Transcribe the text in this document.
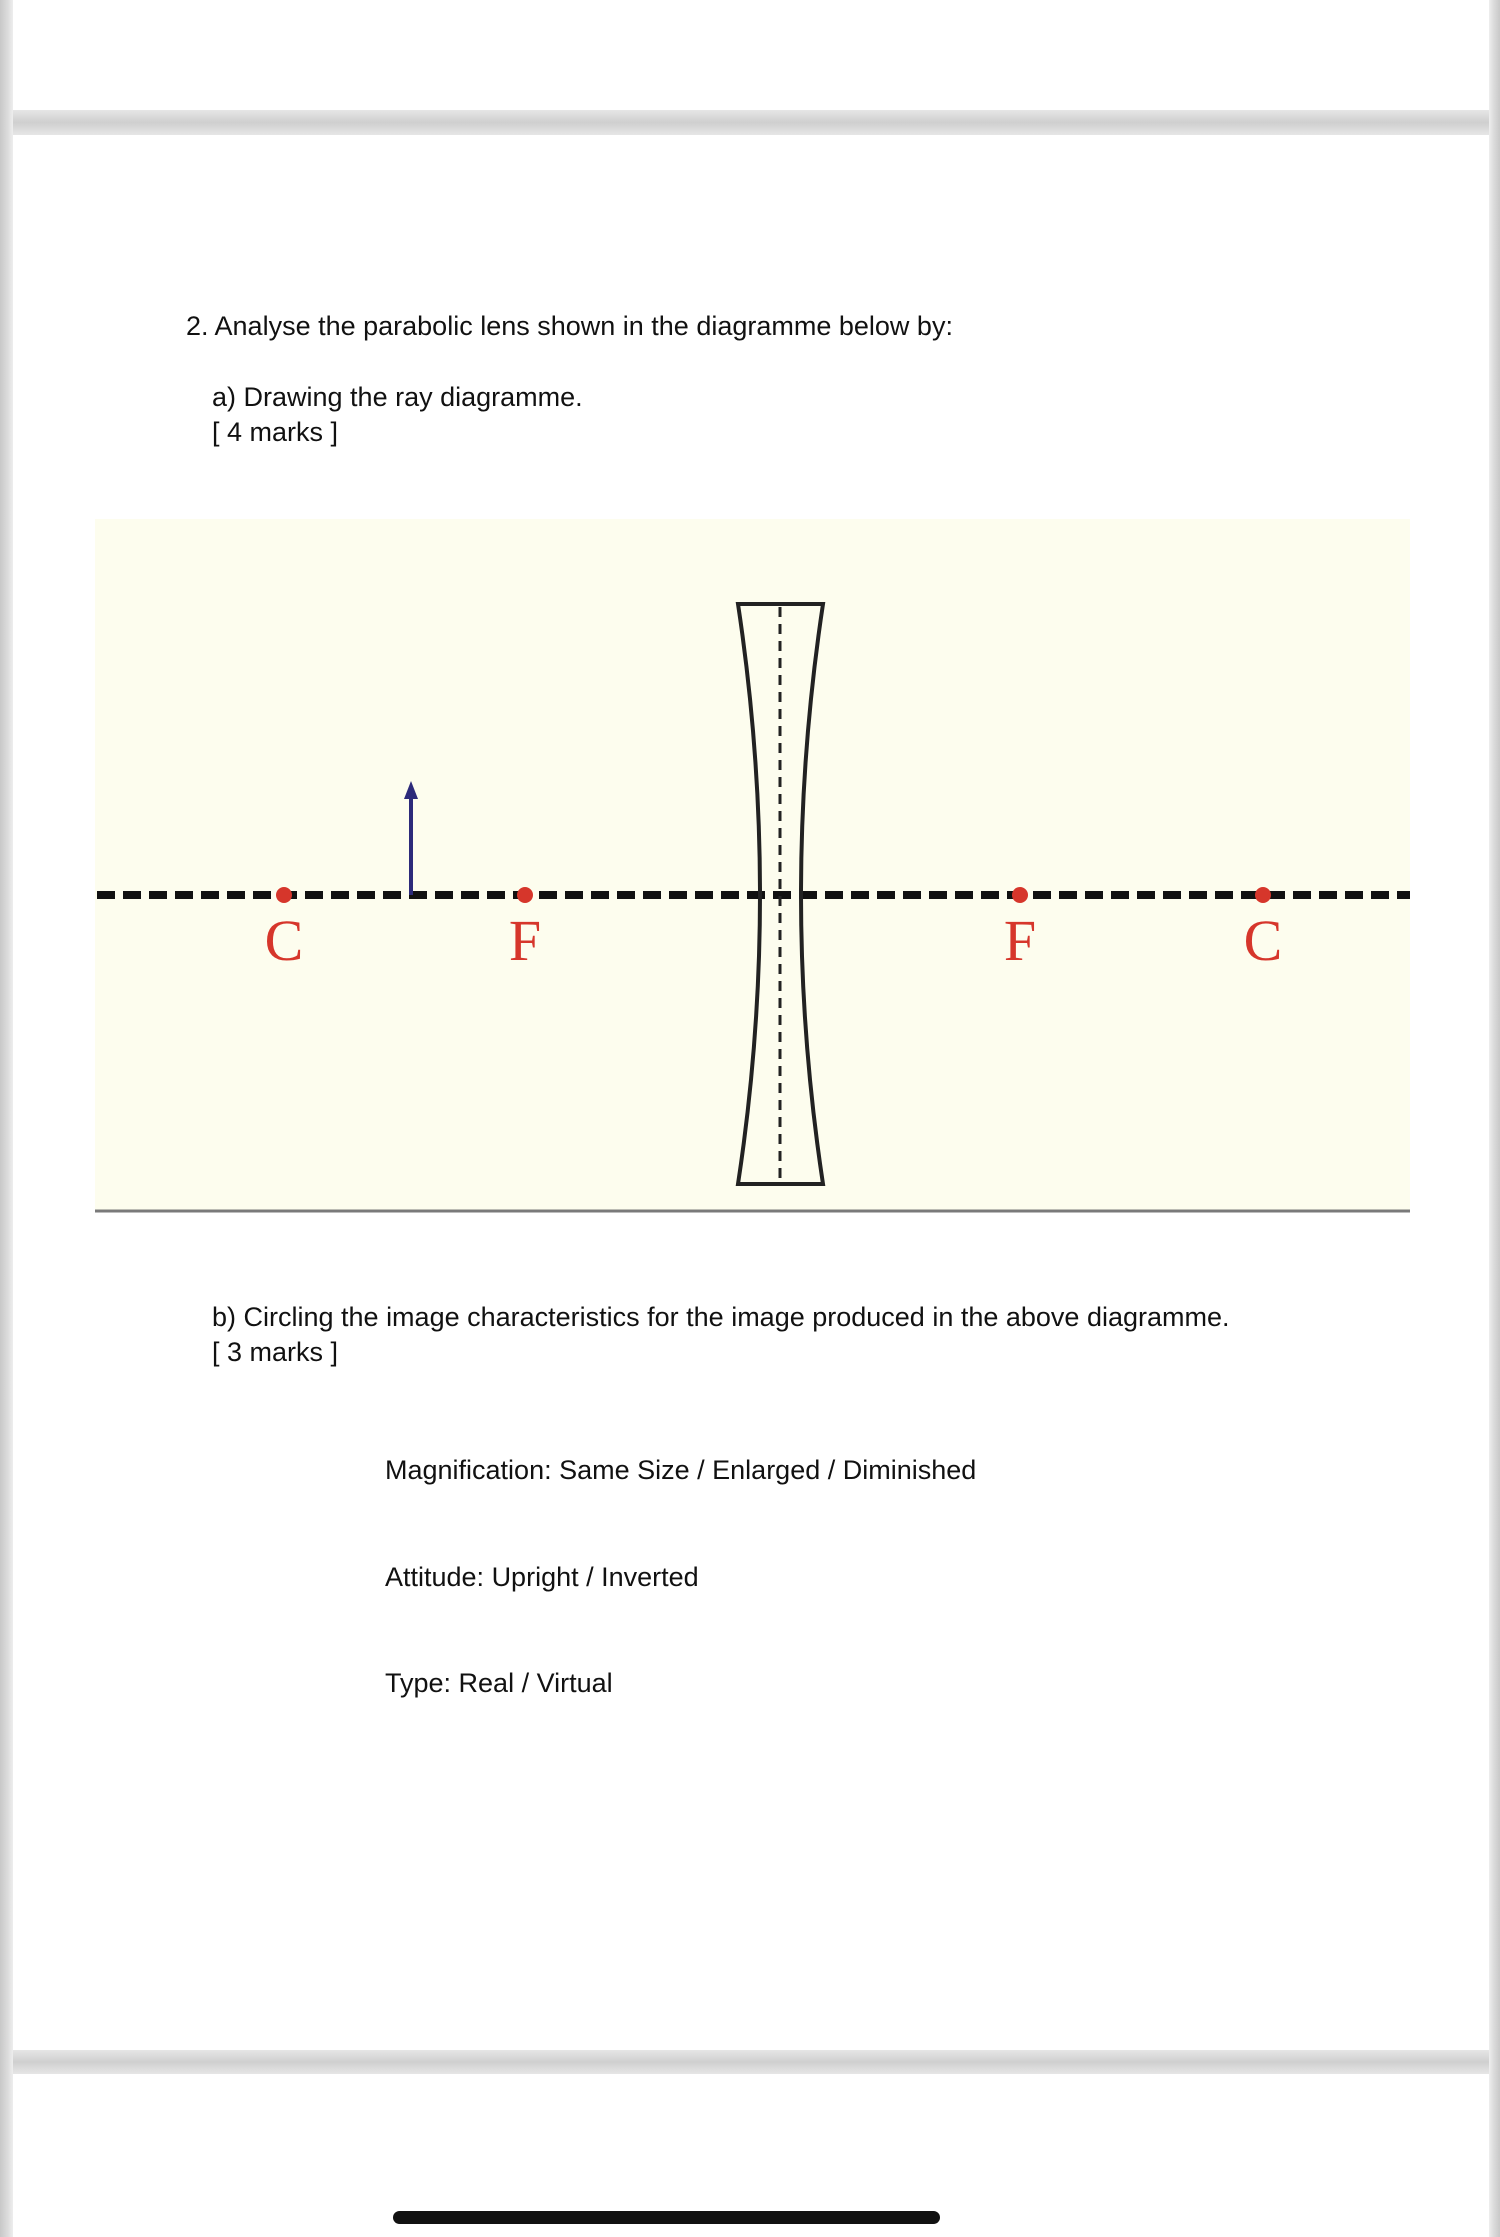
2. Analyse the parabolic lens shown in the diagramme below by:
a) Drawing the ray diagramme.
[ 4 marks ]
C	F	F	C
b) Circling the image characteristics for the image produced in the above diagramme.
[ 3 marks ]
Magnification: Same Size / Enlarged / Diminished
Attitude: Upright / Inverted
Type: Real / Virtual
